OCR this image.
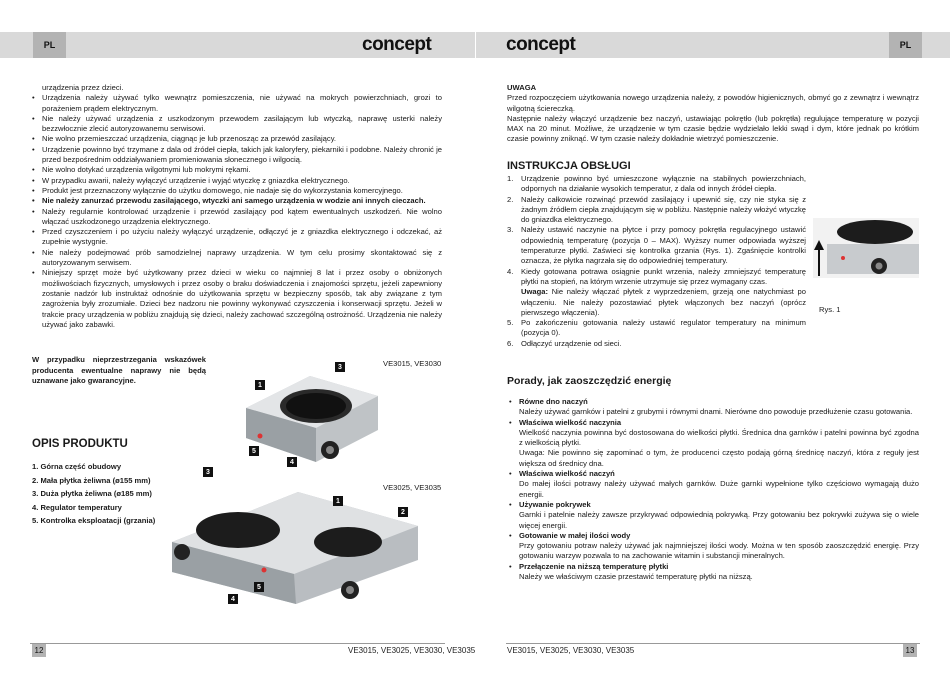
PL	PL
concept	concept
urządzenia przez dzieci.
• Urządzenia należy używać tylko wewnątrz pomieszczenia, nie używać na mokrych powierzchniach, grozi to porażeniem prądem elektrycznym.
• Nie należy używać urządzenia z uszkodzonym przewodem zasilającym lub wtyczką, naprawę usterki należy bezzwłocznie zlecić autoryzowanemu serwisowi.
• Nie wolno przemieszczać urządzenia, ciągnąc je lub przenosząc za przewód zasilający.
• Urządzenie powinno być trzymane z dala od źródeł ciepła, takich jak kaloryfery, piekarniki i podobne. Należy chronić je przed bezpośrednim oddziaływaniem promieniowania słonecznego i wilgocią.
• Nie wolno dotykać urządzenia wilgotnymi lub mokrymi rękami.
• W przypadku awarii, należy wyłączyć urządzenie i wyjąć wtyczkę z gniazdka elektrycznego.
• Produkt jest przeznaczony wyłącznie do użytku domowego, nie nadaje się do wykorzystania komercyjnego.
• Nie należy zanurzać przewodu zasilającego, wtyczki ani samego urządzenia w wodzie ani innych cieczach.
• Należy regularnie kontrolować urządzenie i przewód zasilający pod kątem ewentualnych uszkodzeń. Nie wolno włączać uszkodzonego urządzenia elektrycznego.
• Przed czyszczeniem i po użyciu należy wyłączyć urządzenie, odłączyć je z gniazdka elektrycznego i odczekać, aż zupełnie wystygnie.
• Nie należy podejmować prób samodzielnej naprawy urządzenia. W tym celu prosimy skontaktować się z autoryzowanym serwisem.
• Niniejszy sprzęt może być użytkowany przez dzieci w wieku co najmniej 8 lat i przez osoby o obniżonych możliwościach fizycznych, umysłowych i przez osoby o braku doświadczenia i znajomości sprzętu, jeżeli zapewniony zostanie nadzór lub instruktaż odnośnie do użytkowania sprzętu w bezpieczny sposób, tak aby związane z tym zagrożenia były zrozumiałe. Dzieci bez nadzoru nie powinny wykonywać czyszczenia i konserwacji sprzętu. Jeżeli w trakcie pracy urządzenia w pobliżu znajdują się dzieci, należy zachować szczególną ostrożność. Urządzenia nie należy używać jako zabawki.
W przypadku nieprzestrzegania wskazówek producenta ewentualne naprawy nie będą uznawane jako gwarancyjne.
OPIS PRODUKTU
1. Górna część obudowy
2. Mała płytka żeliwna (ø155 mm)
3. Duża płytka żeliwna (ø185 mm)
4. Regulator temperatury
5. Kontrolka eksploatacji (grzania)
VE3015, VE3030
VE3025, VE3035
1
3
5
4
3
1
2
5
4
12	VE3015, VE3025, VE3030, VE3035
UWAGA
Przed rozpoczęciem użytkowania nowego urządzenia należy, z powodów higienicznych, obmyć go z zewnątrz i wewnątrz wilgotną ściereczką.
Następnie należy włączyć urządzenie bez naczyń, ustawiając pokrętło (lub pokrętła) regulujące temperaturę w pozycji MAX na 20 minut. Możliwe, że urządzenie w tym czasie będzie wydzielało lekki swąd i dym, które jednak po krótkim czasie powinny zniknąć. W tym czasie należy dokładnie wietrzyć pomieszczenie.
INSTRUKCJA OBSŁUGI
1. Urządzenie powinno być umieszczone wyłącznie na stabilnych powierzchniach, odpornych na działanie wysokich temperatur, z dala od innych źródeł ciepła.
2. Należy całkowicie rozwinąć przewód zasilający i upewnić się, czy nie styka się z żadnym źródłem ciepła znajdującym się w pobliżu. Następnie należy włożyć wtyczkę do gniazdka elektrycznego.
3. Należy ustawić naczynie na płytce i przy pomocy pokrętła regulacyjnego ustawić odpowiednią temperaturę (pozycja 0 – MAX). Wyższy numer odpowiada wyższej temperaturze płytki. Zaświeci się kontrolka grzania (Rys. 1). Zgaśnięcie kontrolki oznacza, że płytka nagrzała się do odpowiedniej temperatury.
4. Kiedy gotowana potrawa osiągnie punkt wrzenia, należy zmniejszyć temperaturę płytki na stopień, na którym wrzenie utrzymuje się przez wymagany czas.
Uwaga: Nie należy włączać płytek z wyprzedzeniem, grzeją one natychmiast po włączeniu. Nie należy pozostawiać płytek włączonych bez naczyń (oprócz pierwszego włączenia).
5. Po zakończeniu gotowania należy ustawić regulator temperatury na minimum (pozycja 0).
6. Odłączyć urządzenie od sieci.
Rys. 1
Porady, jak zaoszczędzić energię
• Równe dno naczyń
Należy używać garnków i patelni z grubymi i równymi dnami. Nierówne dno powoduje przedłużenie czasu gotowania.
• Właściwa wielkość naczynia
Wielkość naczynia powinna być dostosowana do wielkości płytki. Średnica dna garnków i patelni powinna być zgodna z wielkością płytki.
Uwaga: Nie powinno się zapominać o tym, że producenci często podają górną średnicę naczyń, która z reguły jest większa od średnicy dna.
• Właściwa wielkość naczyń
Do małej ilości potrawy należy używać małych garnków. Duże garnki wypełnione tylko częściowo wymagają dużo energii.
• Używanie pokrywek
Garnki i patelnie należy zawsze przykrywać odpowiednią pokrywką. Przy gotowaniu bez pokrywki zużywa się o wiele więcej energii.
• Gotowanie w małej ilości wody
Przy gotowaniu potraw należy używać jak najmniejszej ilości wody. Można w ten sposób zaoszczędzić energię. Przy gotowaniu warzyw pozwala to na zachowanie witamin i substancji mineralnych.
• Przełączenie na niższą temperaturę płytki
Należy we właściwym czasie przestawić temperaturę płytki na niższą.
VE3015, VE3025, VE3030, VE3035	13
